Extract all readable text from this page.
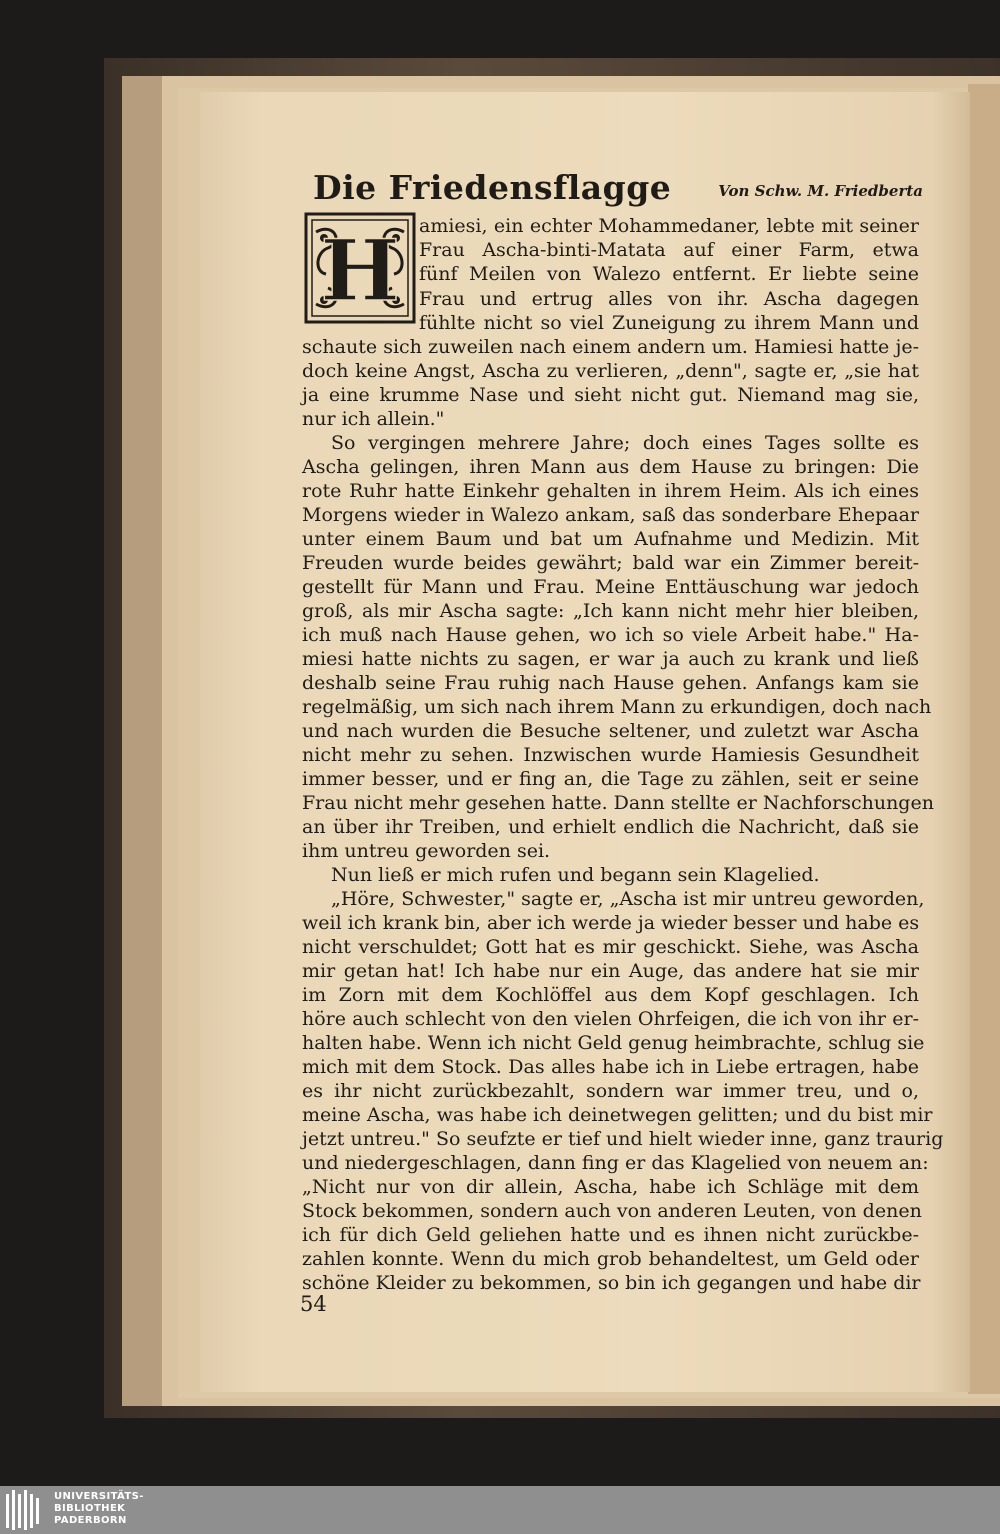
Die Friedensflagge	Von Schw. M. Friedberta
H amiesi, ein echter Mohammedaner, lebte mit seiner
Frau Ascha-binti-Matata auf einer Farm, etwa
fünf Meilen von Walezo entfernt. Er liebte seine
Frau und ertrug alles von ihr. Ascha dagegen
fühlte nicht so viel Zuneigung zu ihrem Mann und
schaute sich zuweilen nach einem andern um. Hamiesi hatte je-
doch keine Angst, Ascha zu verlieren, „denn", sagte er, „sie hat
ja eine krumme Nase und sieht nicht gut. Niemand mag sie,
nur ich allein."
So vergingen mehrere Jahre; doch eines Tages sollte es
Ascha gelingen, ihren Mann aus dem Hause zu bringen: Die
rote Ruhr hatte Einkehr gehalten in ihrem Heim. Als ich eines
Morgens wieder in Walezo ankam, saß das sonderbare Ehepaar
unter einem Baum und bat um Aufnahme und Medizin. Mit
Freuden wurde beides gewährt; bald war ein Zimmer bereit-
gestellt für Mann und Frau. Meine Enttäuschung war jedoch
groß, als mir Ascha sagte: „Ich kann nicht mehr hier bleiben,
ich muß nach Hause gehen, wo ich so viele Arbeit habe." Ha-
miesi hatte nichts zu sagen, er war ja auch zu krank und ließ
deshalb seine Frau ruhig nach Hause gehen. Anfangs kam sie
regelmäßig, um sich nach ihrem Mann zu erkundigen, doch nach
und nach wurden die Besuche seltener, und zuletzt war Ascha
nicht mehr zu sehen. Inzwischen wurde Hamiesis Gesundheit
immer besser, und er fing an, die Tage zu zählen, seit er seine
Frau nicht mehr gesehen hatte. Dann stellte er Nachforschungen
an über ihr Treiben, und erhielt endlich die Nachricht, daß sie
ihm untreu geworden sei.
Nun ließ er mich rufen und begann sein Klagelied.
„Höre, Schwester," sagte er, „Ascha ist mir untreu geworden,
weil ich krank bin, aber ich werde ja wieder besser und habe es
nicht verschuldet; Gott hat es mir geschickt. Siehe, was Ascha
mir getan hat! Ich habe nur ein Auge, das andere hat sie mir
im Zorn mit dem Kochlöffel aus dem Kopf geschlagen. Ich
höre auch schlecht von den vielen Ohrfeigen, die ich von ihr er-
halten habe. Wenn ich nicht Geld genug heimbrachte, schlug sie
mich mit dem Stock. Das alles habe ich in Liebe ertragen, habe
es ihr nicht zurückbezahlt, sondern war immer treu, und o,
meine Ascha, was habe ich deinetwegen gelitten; und du bist mir
jetzt untreu." So seufzte er tief und hielt wieder inne, ganz traurig
und niedergeschlagen, dann fing er das Klagelied von neuem an:
„Nicht nur von dir allein, Ascha, habe ich Schläge mit dem
Stock bekommen, sondern auch von anderen Leuten, von denen
ich für dich Geld geliehen hatte und es ihnen nicht zurückbe-
zahlen konnte. Wenn du mich grob behandeltest, um Geld oder
schöne Kleider zu bekommen, so bin ich gegangen und habe dir
54
UNIVERSITÄTS-
BIBLIOTHEK
PADERBORN
